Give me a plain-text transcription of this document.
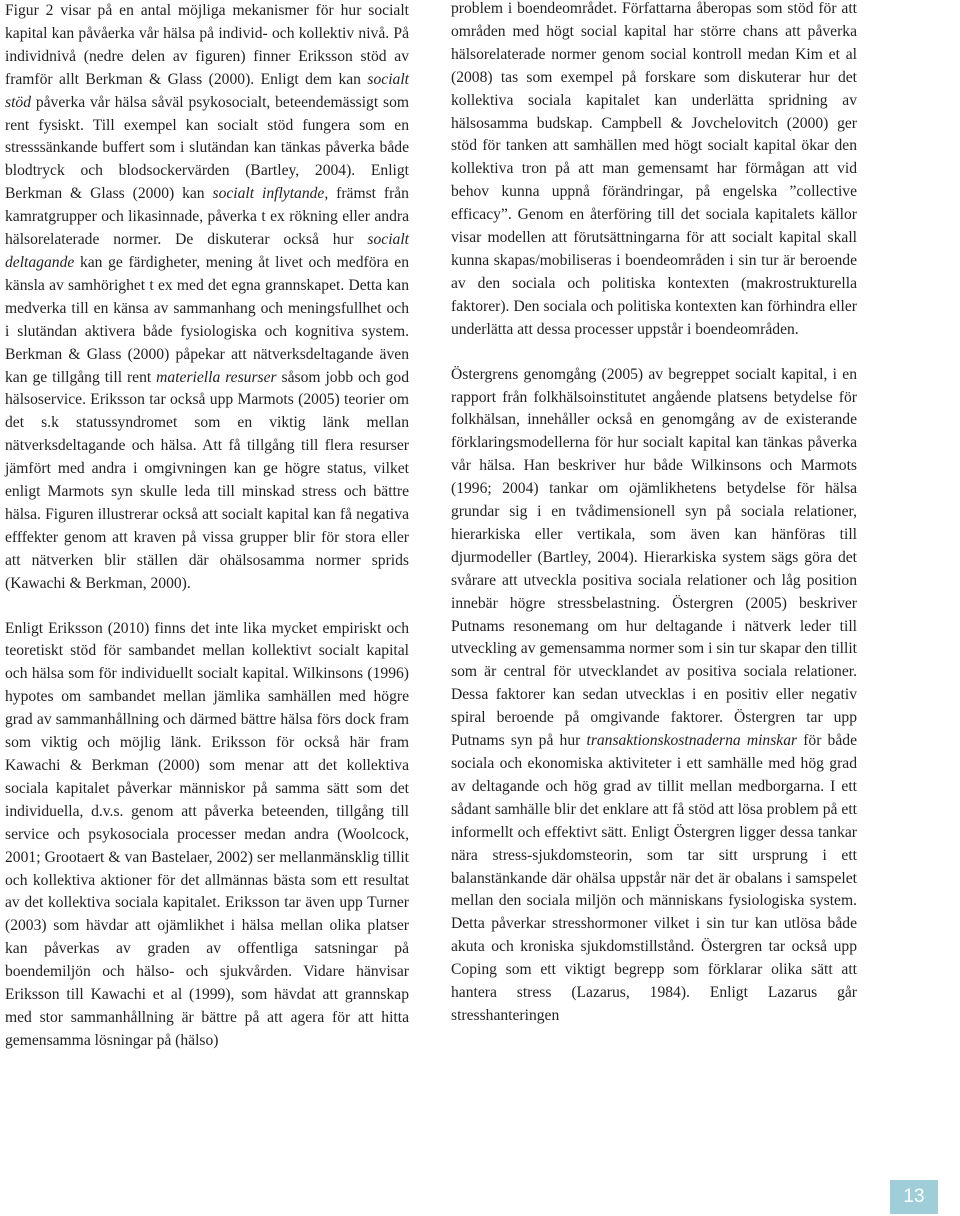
Figur 2 visar på en antal möjliga mekanismer för hur socialt kapital kan påvåerka vår hälsa på individ- och kollektiv nivå. På individnivå (nedre delen av figuren) finner Eriksson stöd av framför allt Berkman & Glass (2000). Enligt dem kan socialt stöd påverka vår hälsa såväl psykosocialt, beteendemässigt som rent fysiskt. Till exempel kan socialt stöd fungera som en stresssänkande buffert som i slutändan kan tänkas påverka både blodtryck och blodsockervärden (Bartley, 2004). Enligt Berkman & Glass (2000) kan socialt inflytande, främst från kamratgrupper och likasinnade, påverka t ex rökning eller andra hälsorelaterade normer. De diskuterar också hur socialt deltagande kan ge färdigheter, mening åt livet och medföra en känsla av samhörighet t ex med det egna grannskapet. Detta kan medverka till en känsa av sammanhang och meningsfullhet och i slutändan aktivera både fysiologiska och kognitiva system. Berkman & Glass (2000) påpekar att nätverksdeltagande även kan ge tillgång till rent materiella resurser såsom jobb och god hälsoservice. Eriksson tar också upp Marmots (2005) teorier om det s.k statussyndromet som en viktig länk mellan nätverksdeltagande och hälsa. Att få tillgång till flera resurser jämfört med andra i omgivningen kan ge högre status, vilket enligt Marmots syn skulle leda till minskad stress och bättre hälsa. Figuren illustrerar också att socialt kapital kan få negativa efffekter genom att kraven på vissa grupper blir för stora eller att nätverken blir ställen där ohälsosamma normer sprids (Kawachi & Berkman, 2000).

Enligt Eriksson (2010) finns det inte lika mycket empiriskt och teoretiskt stöd för sambandet mellan kollektivt socialt kapital och hälsa som för individuellt socialt kapital. Wilkinsons (1996) hypotes om sambandet mellan jämlika samhällen med högre grad av sammanhållning och därmed bättre hälsa förs dock fram som viktig och möjlig länk. Eriksson för också här fram Kawachi & Berkman (2000) som menar att det kollektiva sociala kapitalet påverkar människor på samma sätt som det individuella, d.v.s. genom att påverka beteenden, tillgång till service och psykosociala processer medan andra (Woolcock, 2001; Grootaert & van Bastelaer, 2002) ser mellanmänsklig tillit och kollektiva aktioner för det allmännas bästa som ett resultat av det kollektiva sociala kapitalet. Eriksson tar även upp Turner (2003) som hävdar att ojämlikhet i hälsa mellan olika platser kan påverkas av graden av offentliga satsningar på boendemiljön och hälso- och sjukvården. Vidare hänvisar Eriksson till Kawachi et al (1999), som hävdat att grannskap med stor sammanhållning är bättre på att agera för att hitta gemensamma lösningar på (hälso)

problem i boendeområdet. Författarna åberopas som stöd för att områden med högt social kapital har större chans att påverka hälsorelaterade normer genom social kontroll medan Kim et al (2008) tas som exempel på forskare som diskuterar hur det kollektiva sociala kapitalet kan underlätta spridning av hälsosamma budskap. Campbell & Jovchelovitch (2000) ger stöd för tanken att samhällen med högt socialt kapital ökar den kollektiva tron på att man gemensamt har förmågan att vid behov kunna uppnå förändringar, på engelska ”collective efficacy”. Genom en återföring till det sociala kapitalets källor visar modellen att förutsättningarna för att socialt kapital skall kunna skapas/mobiliseras i boendeområden i sin tur är beroende av den sociala och politiska kontexten (makrostrukturella faktorer). Den sociala och politiska kontexten kan förhindra eller underlätta att dessa processer uppstår i boendeområden.

Östergrens genomgång (2005) av begreppet socialt kapital, i en rapport från folkhälsoinstitutet angående platsens betydelse för folkhälsan, innehåller också en genomgång av de existerande förklaringsmodellerna för hur socialt kapital kan tänkas påverka vår hälsa. Han beskriver hur både Wilkinsons och Marmots (1996; 2004) tankar om ojämlikhetens betydelse för hälsa grundar sig i en tvådimensionell syn på sociala relationer, hierarkiska eller vertikala, som även kan hänföras till djurmodeller (Bartley, 2004). Hierarkiska system sägs göra det svårare att utveckla positiva sociala relationer och låg position innebär högre stressbelastning. Östergren (2005) beskriver Putnams resonemang om hur deltagande i nätverk leder till utveckling av gemensamma normer som i sin tur skapar den tillit som är central för utvecklandet av positiva sociala relationer. Dessa faktorer kan sedan utvecklas i en positiv eller negativ spiral beroende på omgivande faktorer. Östergren tar upp Putnams syn på hur transaktionskostnaderna minskar för både sociala och ekonomiska aktiviteter i ett samhälle med hög grad av deltagande och hög grad av tillit mellan medborgarna. I ett sådant samhälle blir det enklare att få stöd att lösa problem på ett informellt och effektivt sätt. Enligt Östergren ligger dessa tankar nära stress-sjukdomsteorin, som tar sitt ursprung i ett balanstänkande där ohälsa uppstår när det är obalans i samspelet mellan den sociala miljön och människans fysiologiska system. Detta påverkar stresshormoner vilket i sin tur kan utlösa både akuta och kroniska sjukdomstillstånd. Östergren tar också upp Coping som ett viktigt begrepp som förklarar olika sätt att hantera stress (Lazarus, 1984). Enligt Lazarus går stresshanteringen

13
